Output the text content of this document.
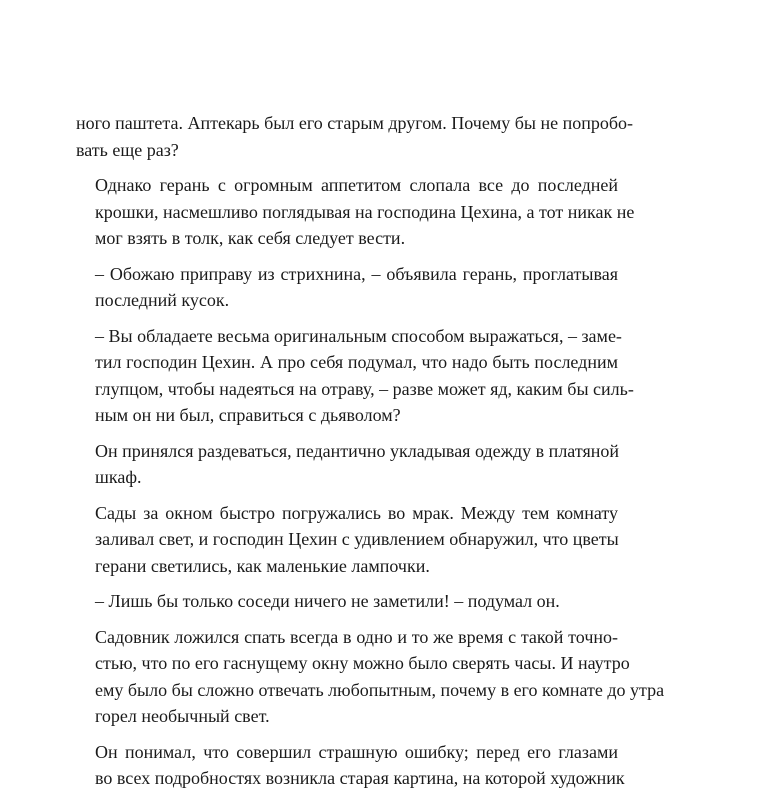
ного паштета. Аптекарь был его старым другом. Почему бы не попробо-
вать еще раз?

Однако герань с огромным аппетитом слопала все до последней
крошки, насмешливо поглядывая на господина Цехина, а тот никак не
мог взять в толк, как себя следует вести.

– Обожаю приправу из стрихнина, – объявила герань, проглатывая
последний кусок.

– Вы обладаете весьма оригинальным способом выражаться, – заме-
тил господин Цехин. А про себя подумал, что надо быть последним
глупцом, чтобы надеяться на отраву, – разве может яд, каким бы силь-
ным он ни был, справиться с дьяволом?

Он принялся раздеваться, педантично укладывая одежду в платяной
шкаф.

Сады за окном быстро погружались во мрак. Между тем комнату
заливал свет, и господин Цехин с удивлением обнаружил, что цветы
герани светились, как маленькие лампочки.

– Лишь бы только соседи ничего не заметили! – подумал он.

Садовник ложился спать всегда в одно и то же время с такой точно-
стью, что по его гаснущему окну можно было сверять часы. И наутро
ему было бы сложно отвечать любопытным, почему в его комнате до утра
горел необычный свет.

Он понимал, что совершил страшную ошибку; перед его глазами
во всех подробностях возникла старая картина, на которой художник
